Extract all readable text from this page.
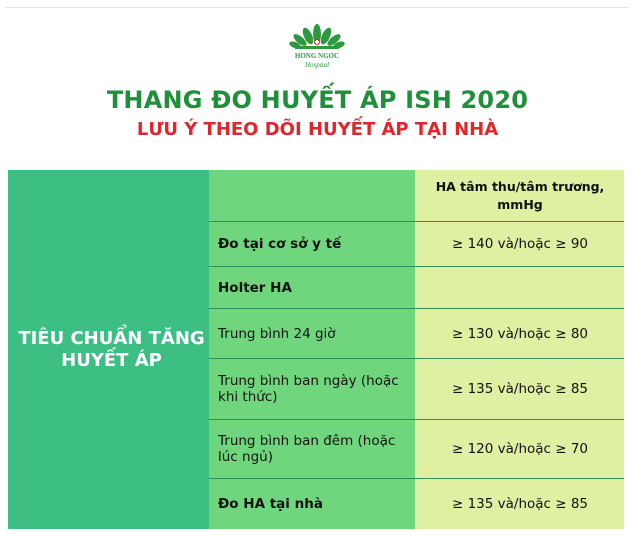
HONG NGOC
Hospital
THANG ĐO HUYẾT ÁP ISH 2020
LƯU Ý THEO DÕI HUYẾT ÁP TẠI NHÀ
TIÊU CHUẨN TĂNG HUYẾT ÁP
HA tâm thu/tâm trương, mmHg
Đo tại cơ sở y tế	≥ 140 và/hoặc ≥ 90
Holter HA
Trung bình 24 giờ	≥ 130 và/hoặc ≥ 80
Trung bình ban ngày (hoặc khi thức)	≥ 135 và/hoặc ≥ 85
Trung bình ban đêm (hoặc lúc ngủ)	≥ 120 và/hoặc ≥ 70
Đo HA tại nhà	≥ 135 và/hoặc ≥ 85
